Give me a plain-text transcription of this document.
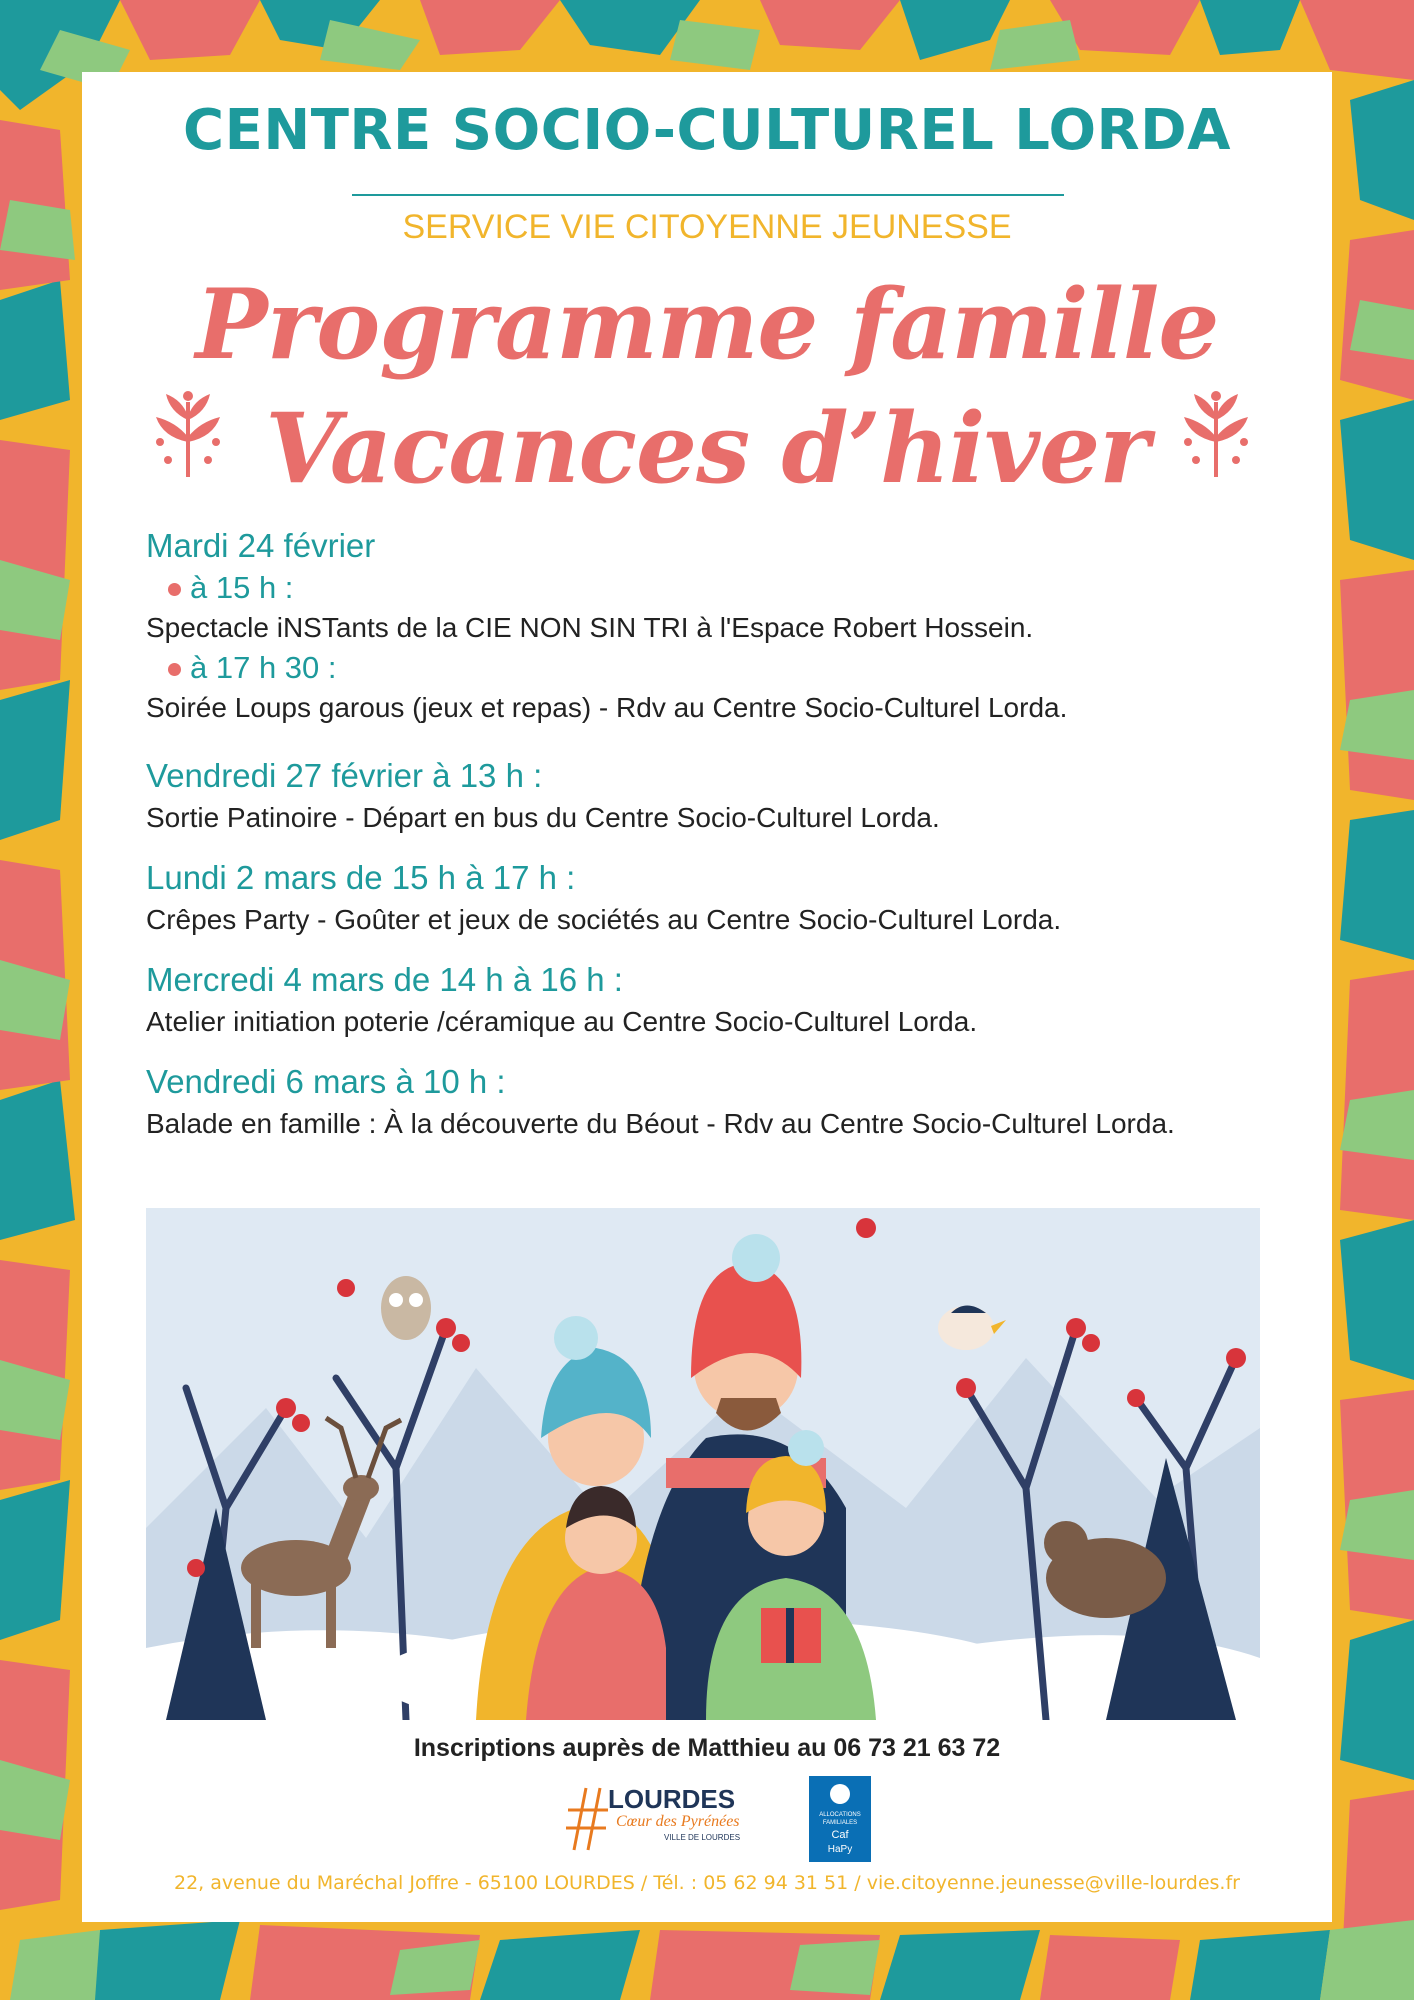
CENTRE SOCIO-CULTUREL LORDA
SERVICE VIE CITOYENNE JEUNESSE
Programme famille
Vacances d’hiver
Mardi 24 février
à 15 h :
Spectacle iNSTants de la CIE NON SIN TRI à l'Espace Robert Hossein.
à 17 h 30 :
Soirée Loups garous (jeux et repas) - Rdv au Centre Socio-Culturel Lorda.
Vendredi 27 février à 13 h :
Sortie Patinoire - Départ en bus du Centre Socio-Culturel Lorda.
Lundi 2 mars de 15 h à 17 h :
Crêpes Party - Goûter et jeux de sociétés au Centre Socio-Culturel Lorda.
Mercredi 4 mars de 14 h à 16 h :
Atelier initiation poterie /céramique au Centre Socio-Culturel Lorda.
Vendredi 6 mars à 10 h :
Balade en famille : À la découverte du Béout - Rdv au Centre Socio-Culturel Lorda.
Inscriptions auprès de Matthieu au 06 73 21 63 72
LOURDES
Cœur des Pyrénées
VILLE DE LOURDES
ALLOCATIONS
FAMILIALES
Caf
HaPy
22, avenue du Maréchal Joffre - 65100 LOURDES / Tél. : 05 62 94 31 51 / vie.citoyenne.jeunesse@ville-lourdes.fr
